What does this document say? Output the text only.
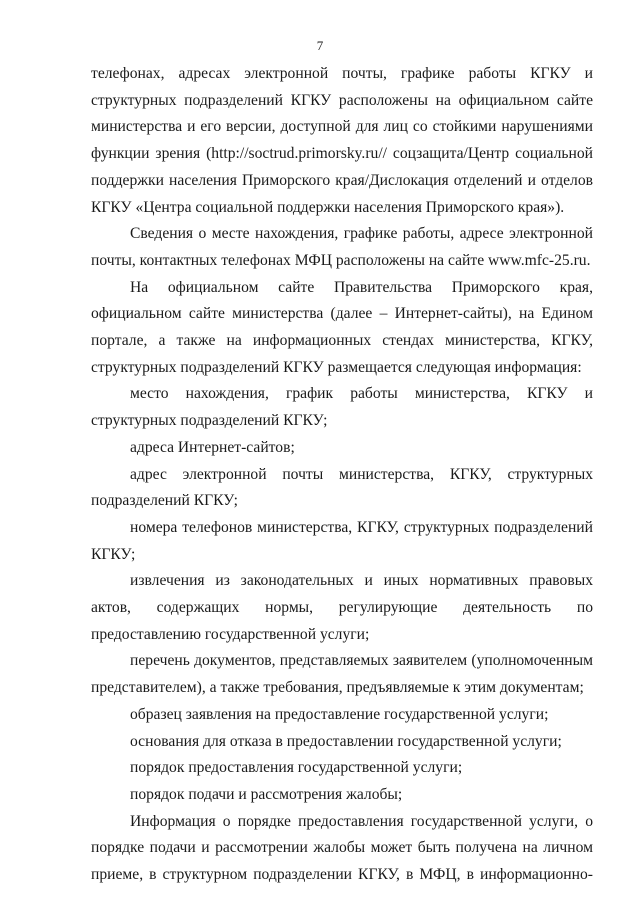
7

телефонах, адресах электронной почты, графике работы КГКУ и структурных подразделений КГКУ расположены на официальном сайте министерства и его версии, доступной для лиц со стойкими нарушениями функции зрения (http://soctrud.primorsky.ru// соцзащита/Центр социальной поддержки населения Приморского края/Дислокация отделений и отделов КГКУ «Центра социальной поддержки населения Приморского края»).

Сведения о месте нахождения, графике работы, адресе электронной почты, контактных телефонах МФЦ расположены на сайте www.mfc-25.ru.

На официальном сайте Правительства Приморского края, официальном сайте министерства (далее – Интернет-сайты), на Едином портале, а также на информационных стендах министерства, КГКУ, структурных подразделений КГКУ размещается следующая информация:

место нахождения, график работы министерства, КГКУ и структурных подразделений КГКУ;

адреса Интернет-сайтов;

адрес электронной почты министерства, КГКУ, структурных подразделений КГКУ;

номера телефонов министерства, КГКУ, структурных подразделений КГКУ;

извлечения из законодательных и иных нормативных правовых актов, содержащих нормы, регулирующие деятельность по предоставлению государственной услуги;

перечень документов, представляемых заявителем (уполномоченным представителем), а также требования, предъявляемые к этим документам;

образец заявления на предоставление государственной услуги;

основания для отказа в предоставлении государственной услуги;

порядок предоставления государственной услуги;

порядок подачи и рассмотрения жалобы;

Информация о порядке предоставления государственной услуги, о порядке подачи и рассмотрении жалобы может быть получена на личном приеме, в структурном подразделении КГКУ, в МФЦ, в информационно-
